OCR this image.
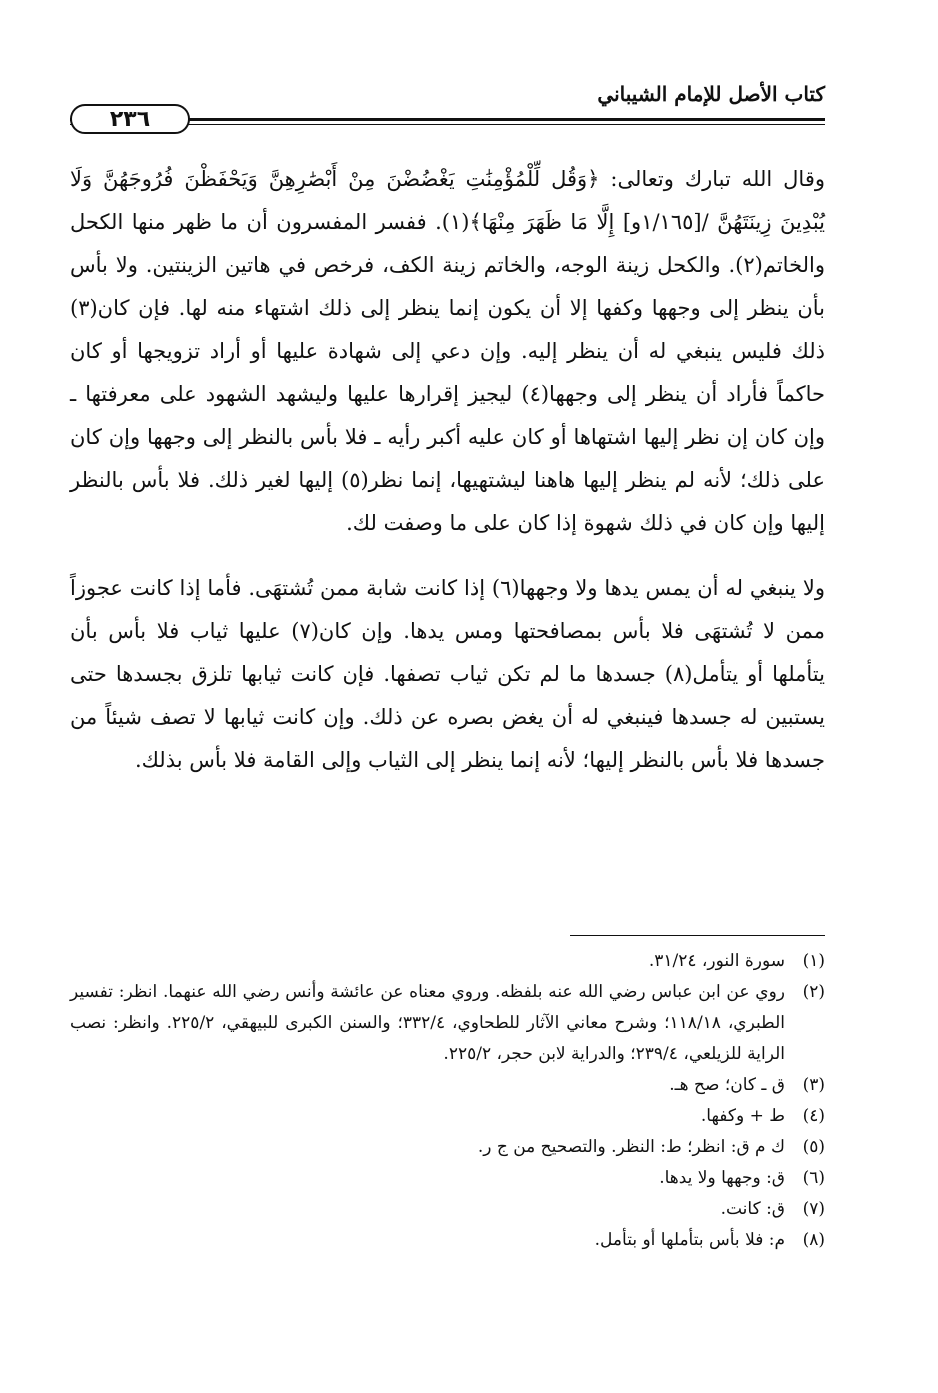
كتاب الأصل للإمام الشيباني
٢٣٦

وقال الله تبارك وتعالى: ﴿وَقُل لِّلْمُؤْمِنَٰتِ يَغْضُضْنَ مِنْ أَبْصَٰرِهِنَّ وَيَحْفَظْنَ فُرُوجَهُنَّ وَلَا يُبْدِينَ زِينَتَهُنَّ /[١/١٦٥و] إِلَّا مَا ظَهَرَ مِنْهَا﴾(١). ففسر المفسرون أن ما ظهر منها الكحل والخاتم(٢). والكحل زينة الوجه، والخاتم زينة الكف، فرخص في هاتين الزينتين. ولا بأس بأن ينظر إلى وجهها وكفها إلا أن يكون إنما ينظر إلى ذلك اشتهاء منه لها. فإن كان(٣) ذلك فليس ينبغي له أن ينظر إليه. وإن دعي إلى شهادة عليها أو أراد تزويجها أو كان حاكماً فأراد أن ينظر إلى وجهها(٤) ليجيز إقرارها عليها وليشهد الشهود على معرفتها ـ وإن كان إن نظر إليها اشتهاها أو كان عليه أكبر رأيه ـ فلا بأس بالنظر إلى وجهها وإن كان على ذلك؛ لأنه لم ينظر إليها هاهنا ليشتهيها، إنما نظر(٥) إليها لغير ذلك. فلا بأس بالنظر إليها وإن كان في ذلك شهوة إذا كان على ما وصفت لك.

ولا ينبغي له أن يمس يدها ولا وجهها(٦) إذا كانت شابة ممن تُشتهَى. فأما إذا كانت عجوزاً ممن لا تُشتهَى فلا بأس بمصافحتها ومس يدها. وإن كان(٧) عليها ثياب فلا بأس بأن يتأملها أو يتأمل(٨) جسدها ما لم تكن ثياب تصفها. فإن كانت ثيابها تلزق بجسدها حتى يستبين له جسدها فينبغي له أن يغض بصره عن ذلك. وإن كانت ثيابها لا تصف شيئاً من جسدها فلا بأس بالنظر إليها؛ لأنه إنما ينظر إلى الثياب وإلى القامة فلا بأس بذلك.

(١)
سورة النور، ٣١/٢٤.
(٢)
روي عن ابن عباس رضي الله عنه بلفظه. وروي معناه عن عائشة وأنس رضي الله عنهما. انظر: تفسير الطبري، ١١٨/١٨؛ وشرح معاني الآثار للطحاوي، ٣٣٢/٤؛ والسنن الكبرى للبيهقي، ٢٢٥/٢. وانظر: نصب الراية للزيلعي، ٢٣٩/٤؛ والدراية لابن حجر، ٢٢٥/٢.
(٣)
ق ـ كان؛ صح هـ.
(٤)
ط + وكفها.
(٥)
ك م ق: انظر؛ ط: النظر. والتصحيح من ج ر.
(٦)
ق: وجهها ولا يدها.
(٧)
ق: كانت.
(٨)
م: فلا بأس بتأملها أو بتأمل.
